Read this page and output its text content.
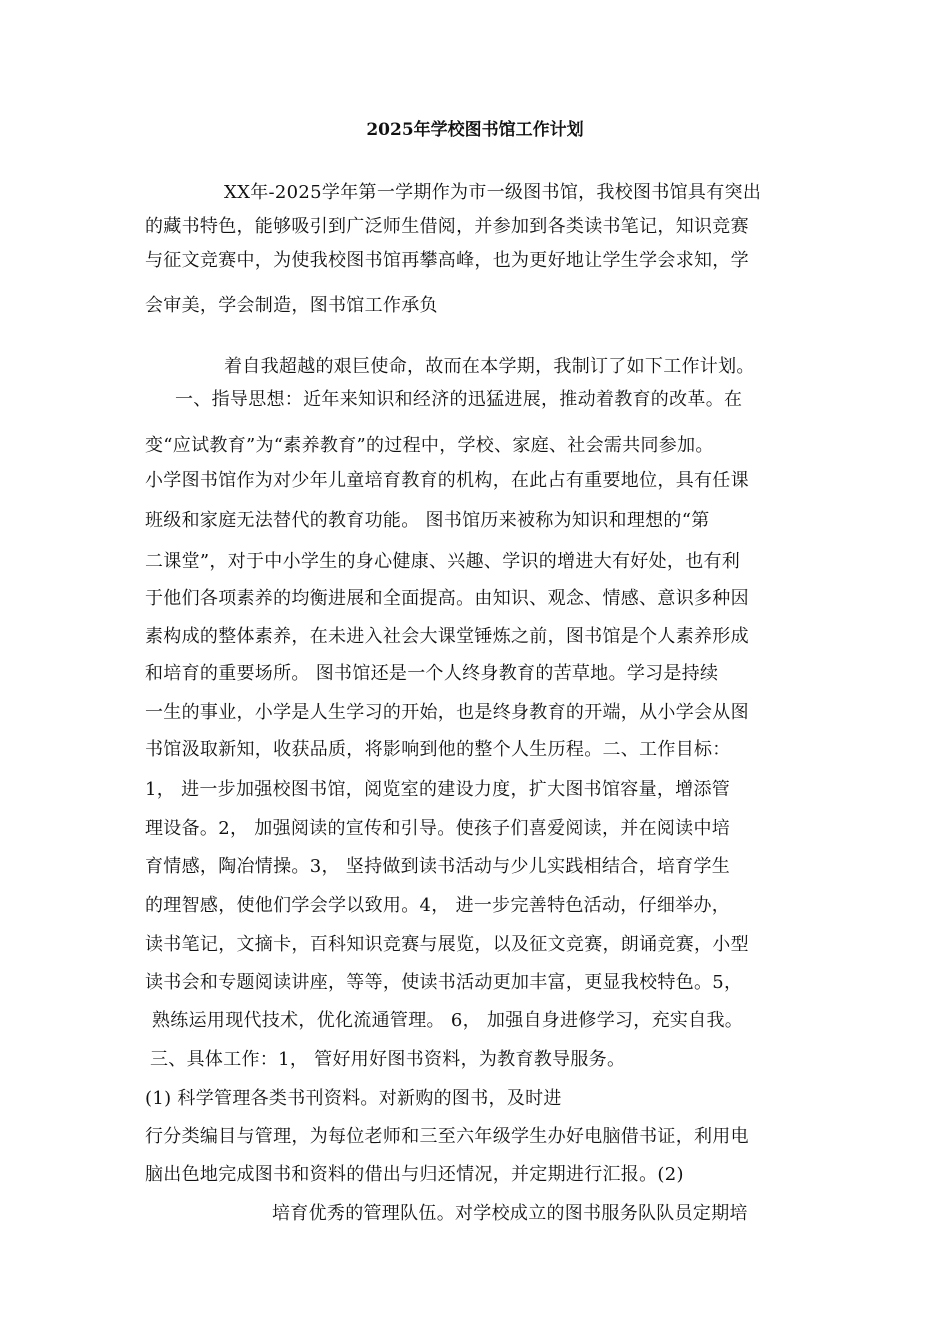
2025年学校图书馆工作计划
XX年-2025学年第一学期作为市一级图书馆，我校图书馆具有突出
的藏书特色，能够吸引到广泛师生借阅，并参加到各类读书笔记，知识竞赛
与征文竞赛中，为使我校图书馆再攀高峰，也为更好地让学生学会求知，学
会审美，学会制造，图书馆工作承负
着自我超越的艰巨使命，故而在本学期，我制订了如下工作计划。
一、指导思想：近年来知识和经济的迅猛进展，推动着教育的改革。在
变“应试教育”为“素养教育”的过程中，学校、家庭、社会需共同参加。
小学图书馆作为对少年儿童培育教育的机构，在此占有重要地位，具有任课
班级和家庭无法替代的教育功能。 图书馆历来被称为知识和理想的“第
二课堂”，对于中小学生的身心健康、兴趣、学识的增进大有好处，也有利
于他们各项素养的均衡进展和全面提高。由知识、观念、情感、意识多种因
素构成的整体素养，在未进入社会大课堂锤炼之前，图书馆是个人素养形成
和培育的重要场所。 图书馆还是一个人终身教育的苦草地。学习是持续
一生的事业，小学是人生学习的开始，也是终身教育的开端，从小学会从图
书馆汲取新知，收获品质，将影响到他的整个人生历程。二、工作目标：
1， 进一步加强校图书馆，阅览室的建设力度，扩大图书馆容量，增添管
理设备。2， 加强阅读的宣传和引导。使孩子们喜爱阅读，并在阅读中培
育情感，陶冶情操。3， 坚持做到读书活动与少儿实践相结合，培育学生
的理智感，使他们学会学以致用。4， 进一步完善特色活动，仔细举办，
读书笔记，文摘卡，百科知识竞赛与展览，以及征文竞赛，朗诵竞赛，小型
读书会和专题阅读讲座，等等，使读书活动更加丰富，更显我校特色。5，
熟练运用现代技术，优化流通管理。 6， 加强自身进修学习，充实自我。
三、具体工作：1， 管好用好图书资料，为教育教导服务。
(1) 科学管理各类书刊资料。对新购的图书，及时进
行分类编目与管理，为每位老师和三至六年级学生办好电脑借书证，利用电
脑出色地完成图书和资料的借出与归还情况，并定期进行汇报。(2)
培育优秀的管理队伍。对学校成立的图书服务队队员定期培
